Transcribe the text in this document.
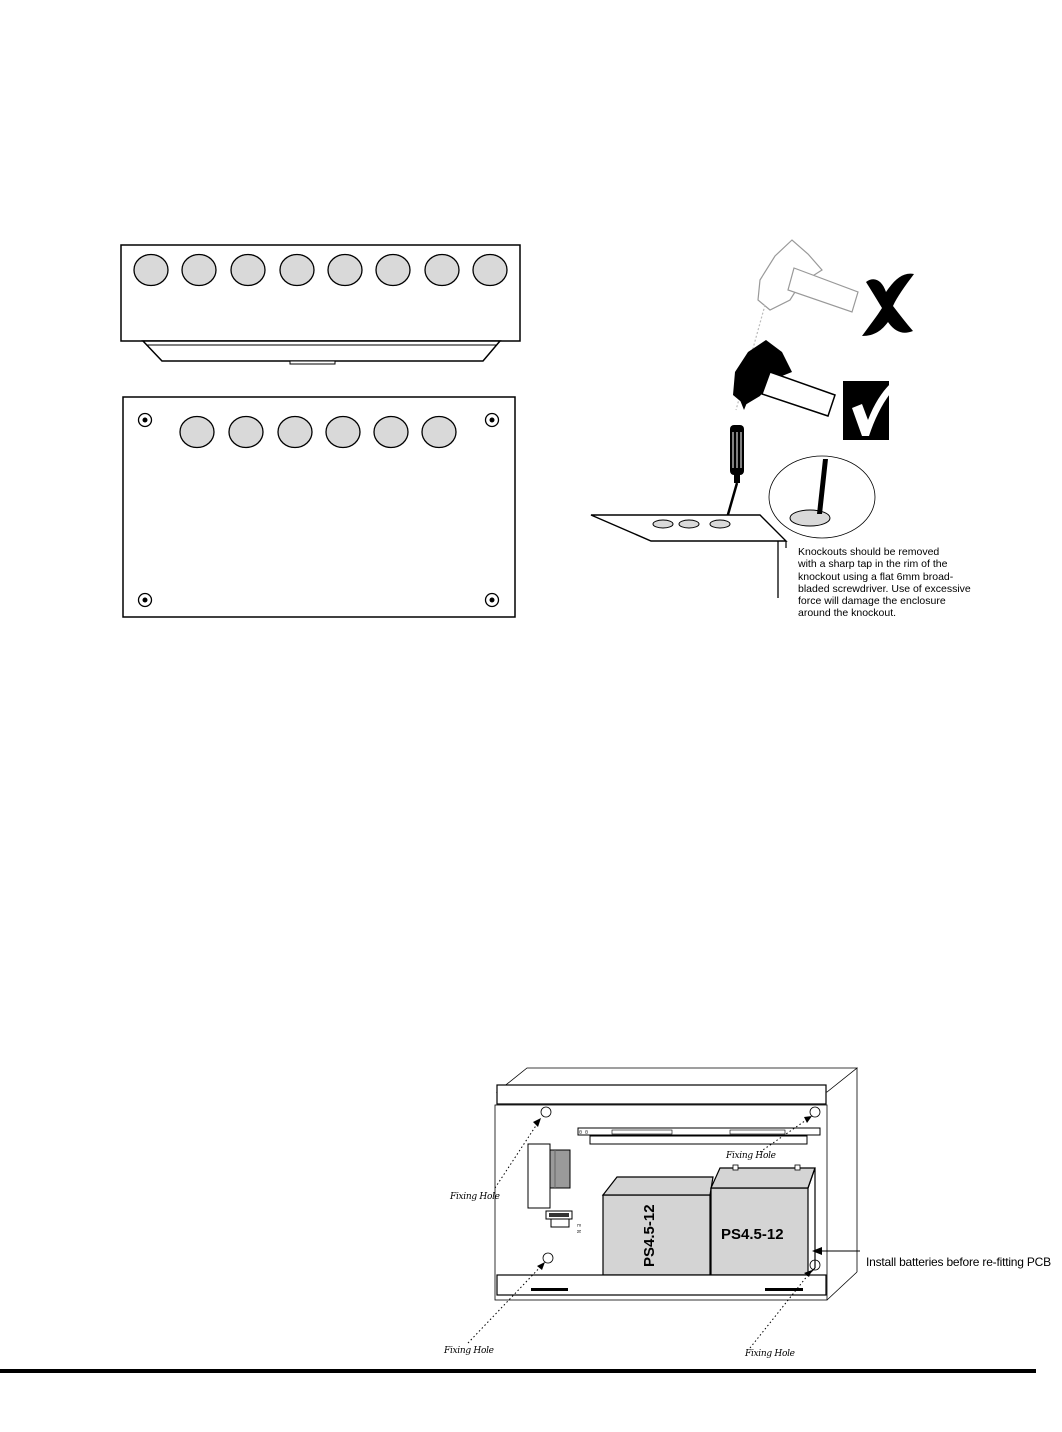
Knockouts should be removed
with a sharp tap in the rim of the
knockout using a flat 6mm broad-
bladed screwdriver. Use of excessive
force will damage the enclosure
around the knockout.
PS4.5-12	PS4.5-12
Install batteries before re-fitting PCB
Fixing Hole
Fixing Hole
Fixing Hole	Fixing Hole
E N
0 0
